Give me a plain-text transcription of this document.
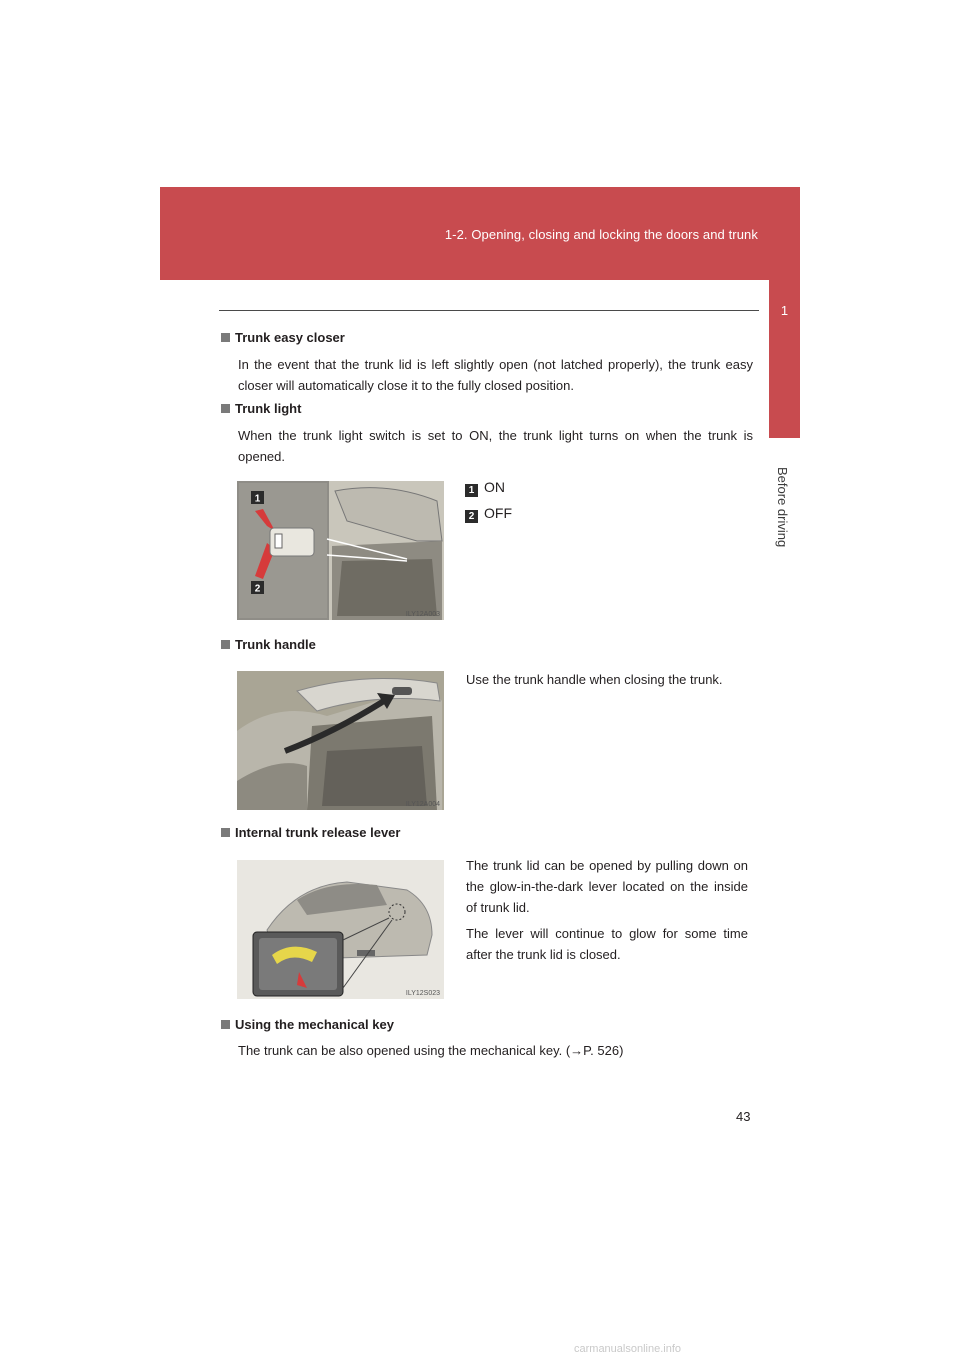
1-2. Opening, closing and locking the doors and trunk
1
Before driving
Trunk easy closer
In the event that the trunk lid is left slightly open (not latched properly), the trunk easy closer will automatically close it to the fully closed position.
Trunk light
When the trunk light switch is set to ON, the trunk light turns on when the trunk is opened.
1
2
ILY12A003
1 ON
2 OFF
Trunk handle
ILY12A004
Use the trunk handle when closing the trunk.
Internal trunk release lever
ILY12S023
The trunk lid can be opened by pulling down on the glow-in-the-dark lever located on the inside of trunk lid.
The lever will continue to glow for some time after the trunk lid is closed.
Using the mechanical key
The trunk can be also opened using the mechanical key. (→P. 526)
43
carmanualsonline.info
